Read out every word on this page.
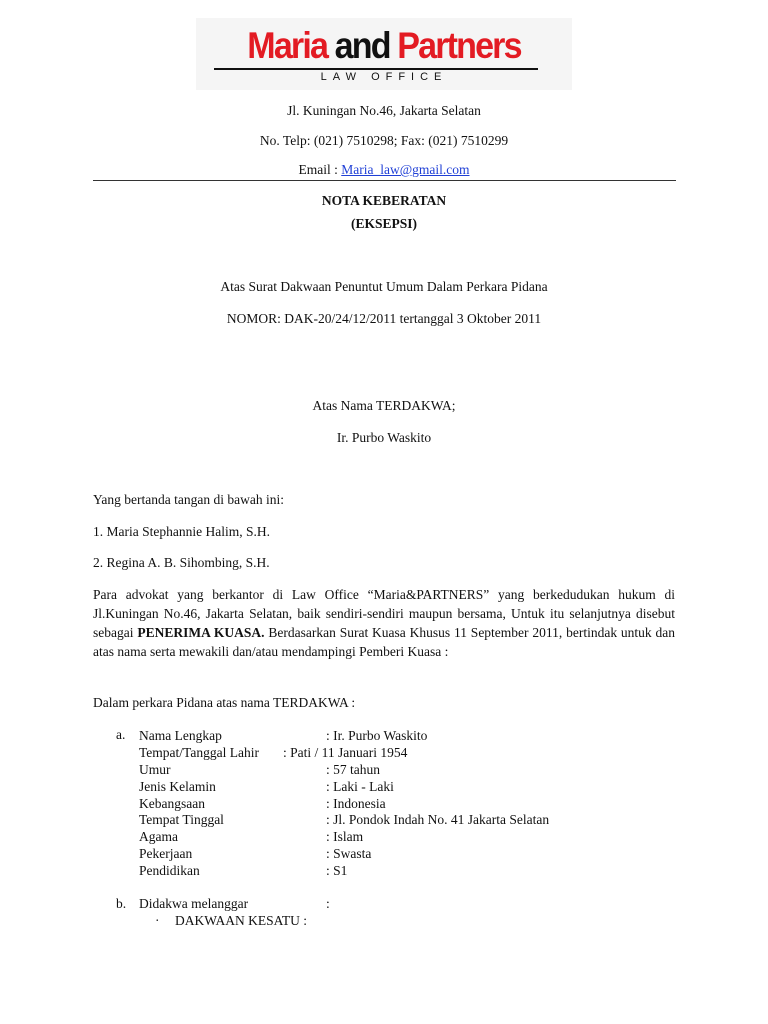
Maria and Partners
LAW OFFICE
Jl. Kuningan No.46, Jakarta Selatan
No. Telp: (021) 7510298; Fax: (021) 7510299
Email : Maria_law@gmail.com
NOTA KEBERATAN
(EKSEPSI)
Atas Surat Dakwaan Penuntut Umum Dalam Perkara Pidana
NOMOR: DAK-20/24/12/2011 tertanggal 3 Oktober 2011
Atas Nama TERDAKWA;
Ir. Purbo Waskito
Yang bertanda tangan di bawah ini:
1. Maria Stephannie Halim, S.H.
2. Regina A. B. Sihombing, S.H.
Para advokat yang berkantor di Law Office “Maria&PARTNERS” yang berkedudukan hukum di Jl.Kuningan No.46, Jakarta Selatan, baik sendiri-sendiri maupun bersama, Untuk itu selanjutnya disebut sebagai PENERIMA KUASA. Berdasarkan Surat Kuasa Khusus 11 September 2011, bertindak untuk dan atas nama serta mewakili dan/atau mendampingi Pemberi Kuasa :
Dalam perkara Pidana atas nama TERDAKWA :
a. Nama Lengkap	: Ir. Purbo Waskito
Tempat/Tanggal Lahir : Pati / 11 Januari 1954
Umur	: 57 tahun
Jenis Kelamin	: Laki - Laki
Kebangsaan	: Indonesia
Tempat Tinggal	: Jl. Pondok Indah No. 41 Jakarta Selatan
Agama	: Islam
Pekerjaan	: Swasta
Pendidikan	: S1
b. Didakwa melanggar	:
· DAKWAAN KESATU :
